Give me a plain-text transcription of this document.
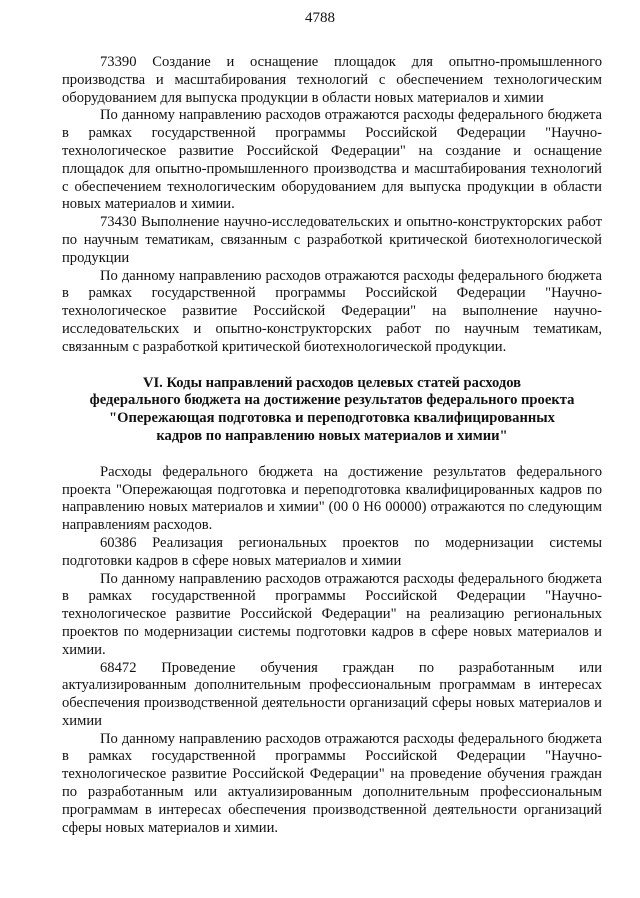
4788

73390 Создание и оснащение площадок для опытно-промышленного производства и масштабирования технологий с обеспечением технологическим оборудованием для выпуска продукции в области новых материалов и химии

По данному направлению расходов отражаются расходы федерального бюджета в рамках государственной программы Российской Федерации "Научно-технологическое развитие Российской Федерации" на создание и оснащение площадок для опытно-промышленного производства и масштабирования технологий с обеспечением технологическим оборудованием для выпуска продукции в области новых материалов и химии.

73430 Выполнение научно-исследовательских и опытно-конструкторских работ по научным тематикам, связанным с разработкой критической биотехнологической продукции

По данному направлению расходов отражаются расходы федерального бюджета в рамках государственной программы Российской Федерации "Научно-технологическое развитие Российской Федерации" на выполнение научно-исследовательских и опытно-конструкторских работ по научным тематикам, связанным с разработкой критической биотехнологической продукции.

VI. Коды направлений расходов целевых статей расходов
федерального бюджета на достижение результатов федерального проекта
"Опережающая подготовка и переподготовка квалифицированных
кадров по направлению новых материалов и химии"

Расходы федерального бюджета на достижение результатов федерального проекта "Опережающая подготовка и переподготовка квалифицированных кадров по направлению новых материалов и химии" (00 0 Н6 00000) отражаются по следующим направлениям расходов.

60386 Реализация региональных проектов по модернизации системы подготовки кадров в сфере новых материалов и химии

По данному направлению расходов отражаются расходы федерального бюджета в рамках государственной программы Российской Федерации "Научно-технологическое развитие Российской Федерации" на реализацию региональных проектов по модернизации системы подготовки кадров в сфере новых материалов и химии.

68472 Проведение обучения граждан по разработанным или актуализированным дополнительным профессиональным программам в интересах обеспечения производственной деятельности организаций сферы новых материалов и химии

По данному направлению расходов отражаются расходы федерального бюджета в рамках государственной программы Российской Федерации "Научно-технологическое развитие Российской Федерации" на проведение обучения граждан по разработанным или актуализированным дополнительным профессиональным программам в интересах обеспечения производственной деятельности организаций сферы новых материалов и химии.
